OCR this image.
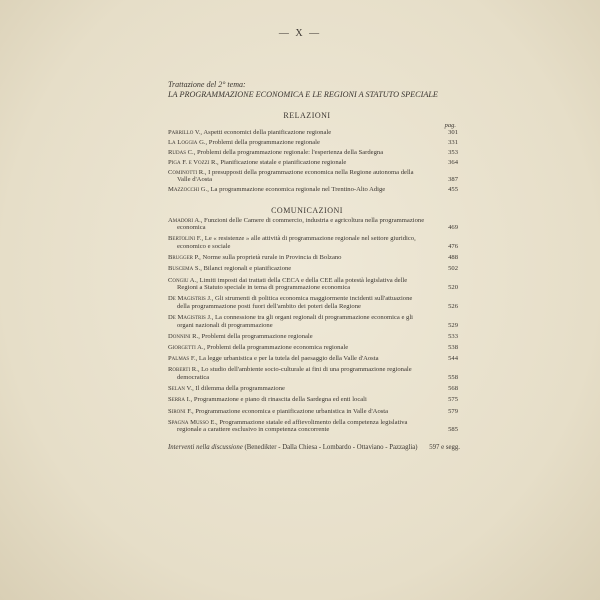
— X —
Trattazione del 2° tema:
LA PROGRAMMAZIONE ECONOMICA E LE REGIONI A STATUTO SPECIALE
RELAZIONI
pag.
Parrillo V., Aspetti economici della pianificazione regionale	301
La Loggia G., Problemi della programmazione regionale	331
Rudas C., Problemi della programmazione regionale: l'esperienza della Sardegna	353
Piga F. e Vozzi R., Pianificazione statale e pianificazione regionale	364
Cominotti R., I presupposti della programmazione economica nella Regione autonoma della Valle d'Aosta	387
Mazzocchi G., La programmazione economica regionale nel Trentino-Alto Adige	455
COMUNICAZIONI
Amadori A., Funzioni delle Camere di commercio, industria e agricoltura nella programmazione economica	469
Bertolini F., Le « resistenze » alle attività di programmazione regionale nel settore giuridico, economico e sociale	476
Brugger P., Norme sulla proprietà rurale in Provincia di Bolzano	488
Buscema S., Bilanci regionali e pianificazione	502
Congiu A., Limiti imposti dai trattati della CECA e della CEE alla potestà legislativa delle Regioni a Statuto speciale in tema di programmazione economica	520
De Magistris J., Gli strumenti di politica economica maggiormente incidenti sull'attuazione della programmazione posti fuori dell'ambito dei poteri della Regione	526
De Magistris J., La connessione tra gli organi regionali di programmazione economica e gli organi nazionali di programmazione	529
Donnini R., Problemi della programmazione regionale	533
Giorgetti A., Problemi della programmazione economica regionale	538
Palmas F., La legge urbanistica e per la tutela del paesaggio della Valle d'Aosta	544
Roberti R., Lo studio dell'ambiente socio-culturale ai fini di una programmazione regionale democratica	558
Selan V., Il dilemma della programmazione	568
Serra I., Programmazione e piano di rinascita della Sardegna ed enti locali	575
Sironi F., Programmazione economica e pianificazione urbanistica in Valle d'Aosta	579
Spagna Musso E., Programmazione statale ed affievolimento della competenza legislativa regionale a carattere esclusivo in competenza concorrente	585
Interventi nella discussione (Benedikter - Dalla Chiesa - Lombardo - Ottaviano - Pazzaglia) 597 e segg.
